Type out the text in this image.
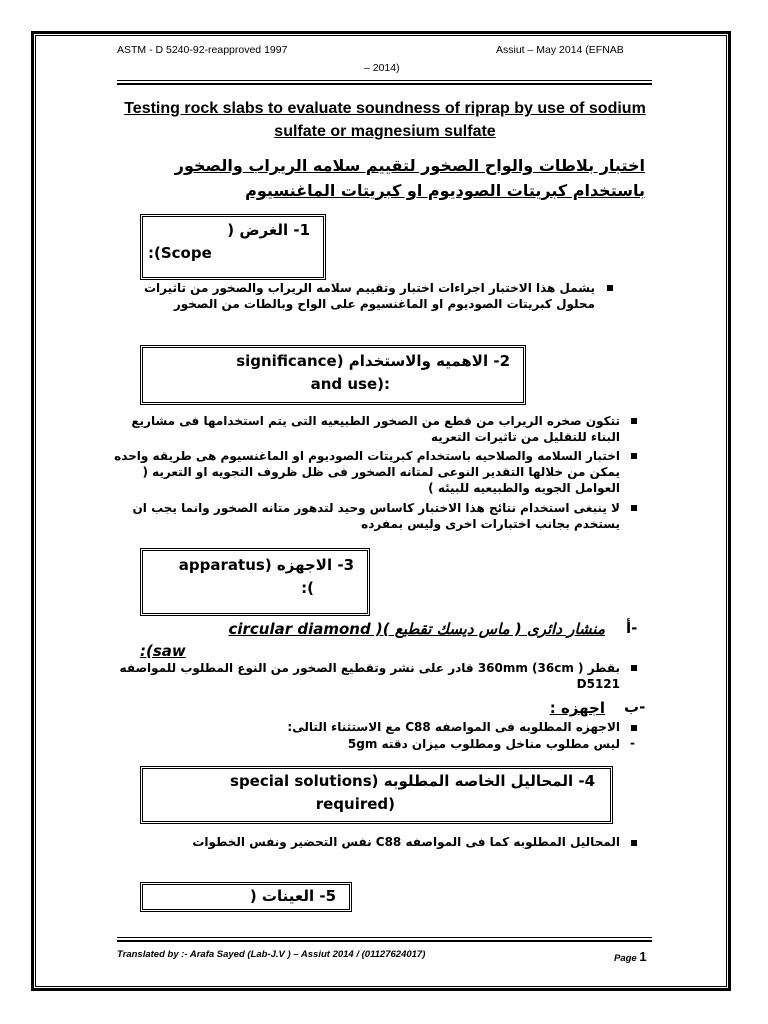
ASTM - D 5240-92-reapproved 1997	Assiut – May 2014 (EFNAB
– 2014)
Testing rock slabs to evaluate soundness of riprap by use of sodium sulfate or magnesium sulfate
اختبار بلاطات والواح الصخور لتقييم سلامه الريراب والصخور باستخدام كبريتات الصوديوم او كبريتات الماغنسيوم
1- الغرض (
:(Scope
يشمل هذا الاختبار اجراءات اختبار وتقييم سلامه الريراب والصخور من تاثيرات محلول كبريتات الصوديوم او الماغنسيوم على الواح وبالطات من الصخور
2- الاهميه والاستخدام (significance
:(and use
تتكون صخره الريراب من قطع من الصخور الطبيعيه التى يتم استخدامها فى مشاريع البناء للتقليل من تاثيرات التعريه
اختبار السلامه والصلاحيه باستخدام كبريتات الصوديوم او الماغنسيوم هى طريقه واحده يمكن من خلالها التقدير النوعى لمتانه الصخور فى ظل ظروف التجويه او التعريه ( العوامل الجويه والطبيعيه للبيئه )
لا ينبغى استخدام نتائج هذا الاختبار كاساس وحيد لتدهور متانه الصخور وانما يجب ان يستخدم بجانب اختبارات اخرى وليس بمفرده
3- الاجهزه (apparatus
):
أ-
منشار دائرى ( ماس ديسك تقطيع )( circular diamond
:(saw
بقطر ( 360mm (36cm قادر على نشر وتقطيع الصخور من النوع المطلوب للمواصفه D5121
ب-
اجهزه :
الاجهزه المطلوبه فى المواصفه C88 مع الاستثناء التالى:
-
ليس مطلوب مناخل ومطلوب ميزان دقته 5gm
4- المحاليل الخاصه المطلوبه (special solutions
(required
المحاليل المطلوبه كما فى المواصفه C88 نفس التحضير ونفس الخطوات
5- العينات (
Translated by :- Arafa Sayed (Lab-J.V ) – Assiut 2014 / (01127624017)	Page 1
